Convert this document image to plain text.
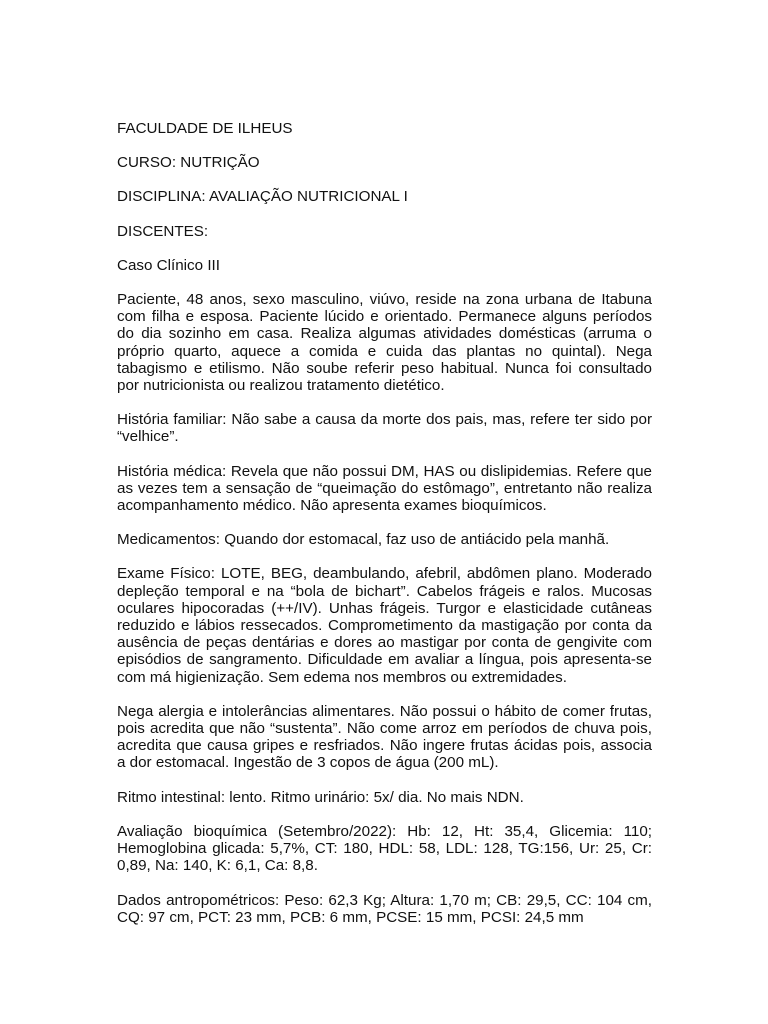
FACULDADE DE ILHEUS
CURSO: NUTRIÇÃO
DISCIPLINA: AVALIAÇÃO NUTRICIONAL I
DISCENTES:
Caso Clínico III

Paciente, 48 anos, sexo masculino, viúvo, reside na zona urbana de Itabuna com filha e esposa. Paciente lúcido e orientado. Permanece alguns períodos do dia sozinho em casa. Realiza algumas atividades domésticas (arruma o próprio quarto, aquece a comida e cuida das plantas no quintal). Nega tabagismo e etilismo. Não soube referir peso habitual. Nunca foi consultado por nutricionista ou realizou tratamento dietético.

História familiar: Não sabe a causa da morte dos pais, mas, refere ter sido por “velhice”.

História médica: Revela que não possui DM, HAS ou dislipidemias. Refere que as vezes tem a sensação de “queimação do estômago”, entretanto não realiza acompanhamento médico. Não apresenta exames bioquímicos.

Medicamentos: Quando dor estomacal, faz uso de antiácido pela manhã.

Exame Físico: LOTE, BEG, deambulando, afebril, abdômen plano. Moderado depleção temporal e na “bola de bichart”. Cabelos frágeis e ralos. Mucosas oculares hipocoradas (++/IV). Unhas frágeis. Turgor e elasticidade cutâneas reduzido e lábios ressecados. Comprometimento da mastigação por conta da ausência de peças dentárias e dores ao mastigar por conta de gengivite com episódios de sangramento. Dificuldade em avaliar a língua, pois apresenta-se com má higienização. Sem edema nos membros ou extremidades.

Nega alergia e intolerâncias alimentares. Não possui o hábito de comer frutas, pois acredita que não “sustenta”. Não come arroz em períodos de chuva pois, acredita que causa gripes e resfriados. Não ingere frutas ácidas pois, associa a dor estomacal. Ingestão de 3 copos de água (200 mL).

Ritmo intestinal: lento. Ritmo urinário: 5x/ dia. No mais NDN.

Avaliação bioquímica (Setembro/2022): Hb: 12, Ht: 35,4, Glicemia: 110; Hemoglobina glicada: 5,7%, CT: 180, HDL: 58, LDL: 128, TG:156, Ur: 25, Cr: 0,89, Na: 140, K: 6,1, Ca: 8,8.

Dados antropométricos: Peso: 62,3 Kg; Altura: 1,70 m; CB: 29,5, CC: 104 cm, CQ: 97 cm, PCT: 23 mm, PCB: 6 mm, PCSE: 15 mm, PCSI: 24,5 mm
